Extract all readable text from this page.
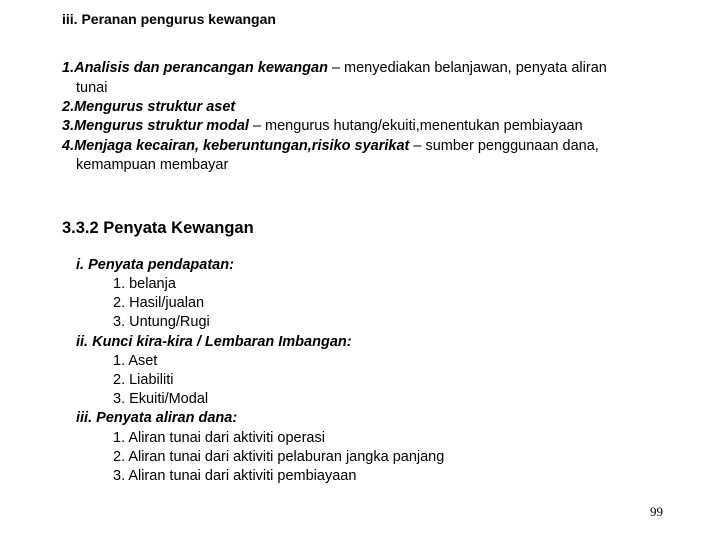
iii. Peranan pengurus kewangan
1.Analisis dan perancangan kewangan – menyediakan belanjawan, penyata aliran
tunai
2.Mengurus struktur aset
3.Mengurus struktur modal – mengurus hutang/ekuiti,menentukan pembiayaan
4.Menjaga kecairan, keberuntungan,risiko syarikat – sumber penggunaan dana,
kemampuan membayar
3.3.2 Penyata Kewangan
i. Penyata pendapatan:
1. belanja
2. Hasil/jualan
3. Untung/Rugi
ii. Kunci kira-kira / Lembaran Imbangan:
1. Aset
2. Liabiliti
3. Ekuiti/Modal
iii. Penyata aliran dana:
1. Aliran tunai dari aktiviti operasi
2. Aliran tunai dari aktiviti pelaburan jangka panjang
3. Aliran tunai dari aktiviti pembiayaan
99
